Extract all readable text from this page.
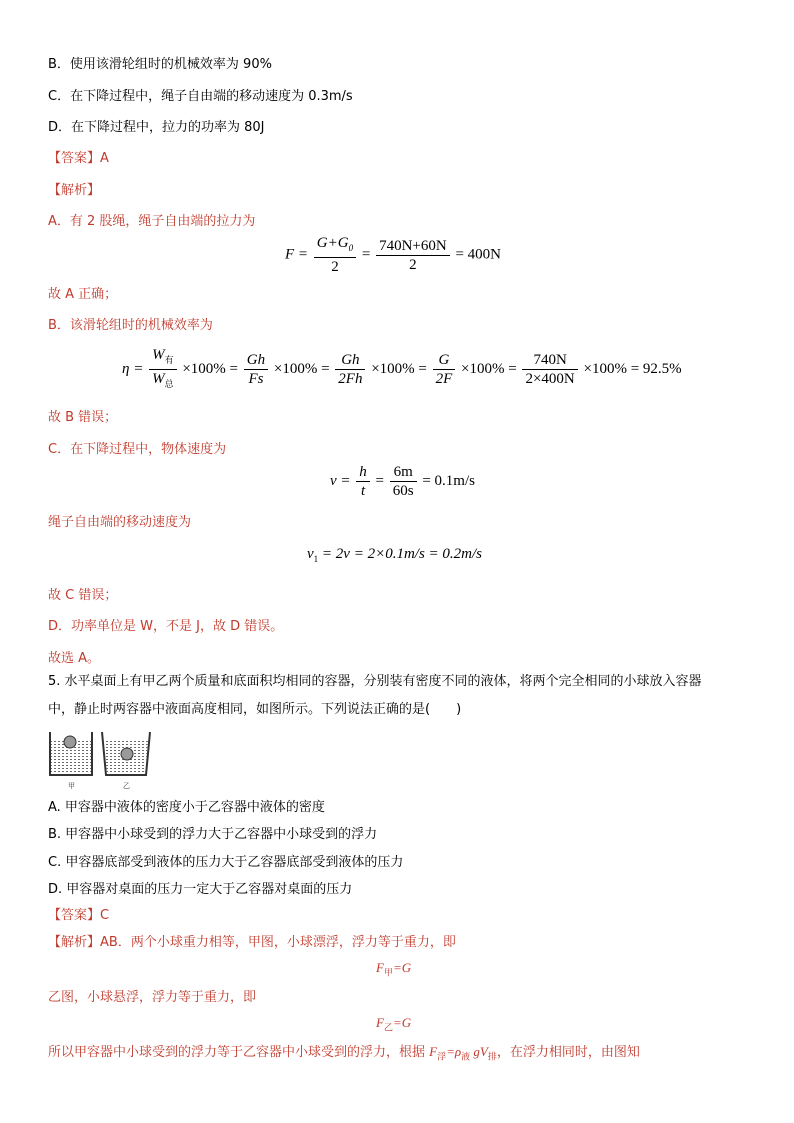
B．使用该滑轮组时的机械效率为 90%
C．在下降过程中，绳子自由端的移动速度为 0.3m/s
D．在下降过程中，拉力的功率为 80J
【答案】A
【解析】
A．有 2 股绳，绳子自由端的拉力为
$F = \frac{G+G_0}{2} = \frac{740N+60N}{2} = 400N$
故 A 正确；
B．该滑轮组时的机械效率为
$\eta = \frac{W_有}{W_总} \times 100\% = \frac{Gh}{Fs} \times 100\% = \frac{Gh}{2Fh} \times 100\% = \frac{G}{2F} \times 100\% = \frac{740N}{2\times 400N} \times 100\% = 92.5\%$
故 B 错误；
C．在下降过程中，物体速度为
$v = \frac{h}{t} = \frac{6m}{60s} = 0.1m/s$
绳子自由端的移动速度为
$v_1 = 2v = 2\times 0.1m/s = 0.2m/s$
故 C 错误；
D．功率单位是 W，不是 J，故 D 错误。
故选 A。
5. 水平桌面上有甲乙两个质量和底面积均相同的容器，分别装有密度不同的液体，将两个完全相同的小球放入容器
中，静止时两容器中液面高度相同，如图所示。下列说法正确的是(　　)
甲	乙
A. 甲容器中液体的密度小于乙容器中液体的密度
B. 甲容器中小球受到的浮力大于乙容器中小球受到的浮力
C. 甲容器底部受到液体的压力大于乙容器底部受到液体的压力
D. 甲容器对桌面的压力一定大于乙容器对桌面的压力
【答案】C
【解析】AB．两个小球重力相等，甲图，小球漂浮，浮力等于重力，即
$F_甲=G$
乙图，小球悬浮，浮力等于重力，即
$F_乙=G$
所以甲容器中小球受到的浮力等于乙容器中小球受到的浮力，根据 $F_浮=\rho_液$ $gV_排$，在浮力相同时，由图知
